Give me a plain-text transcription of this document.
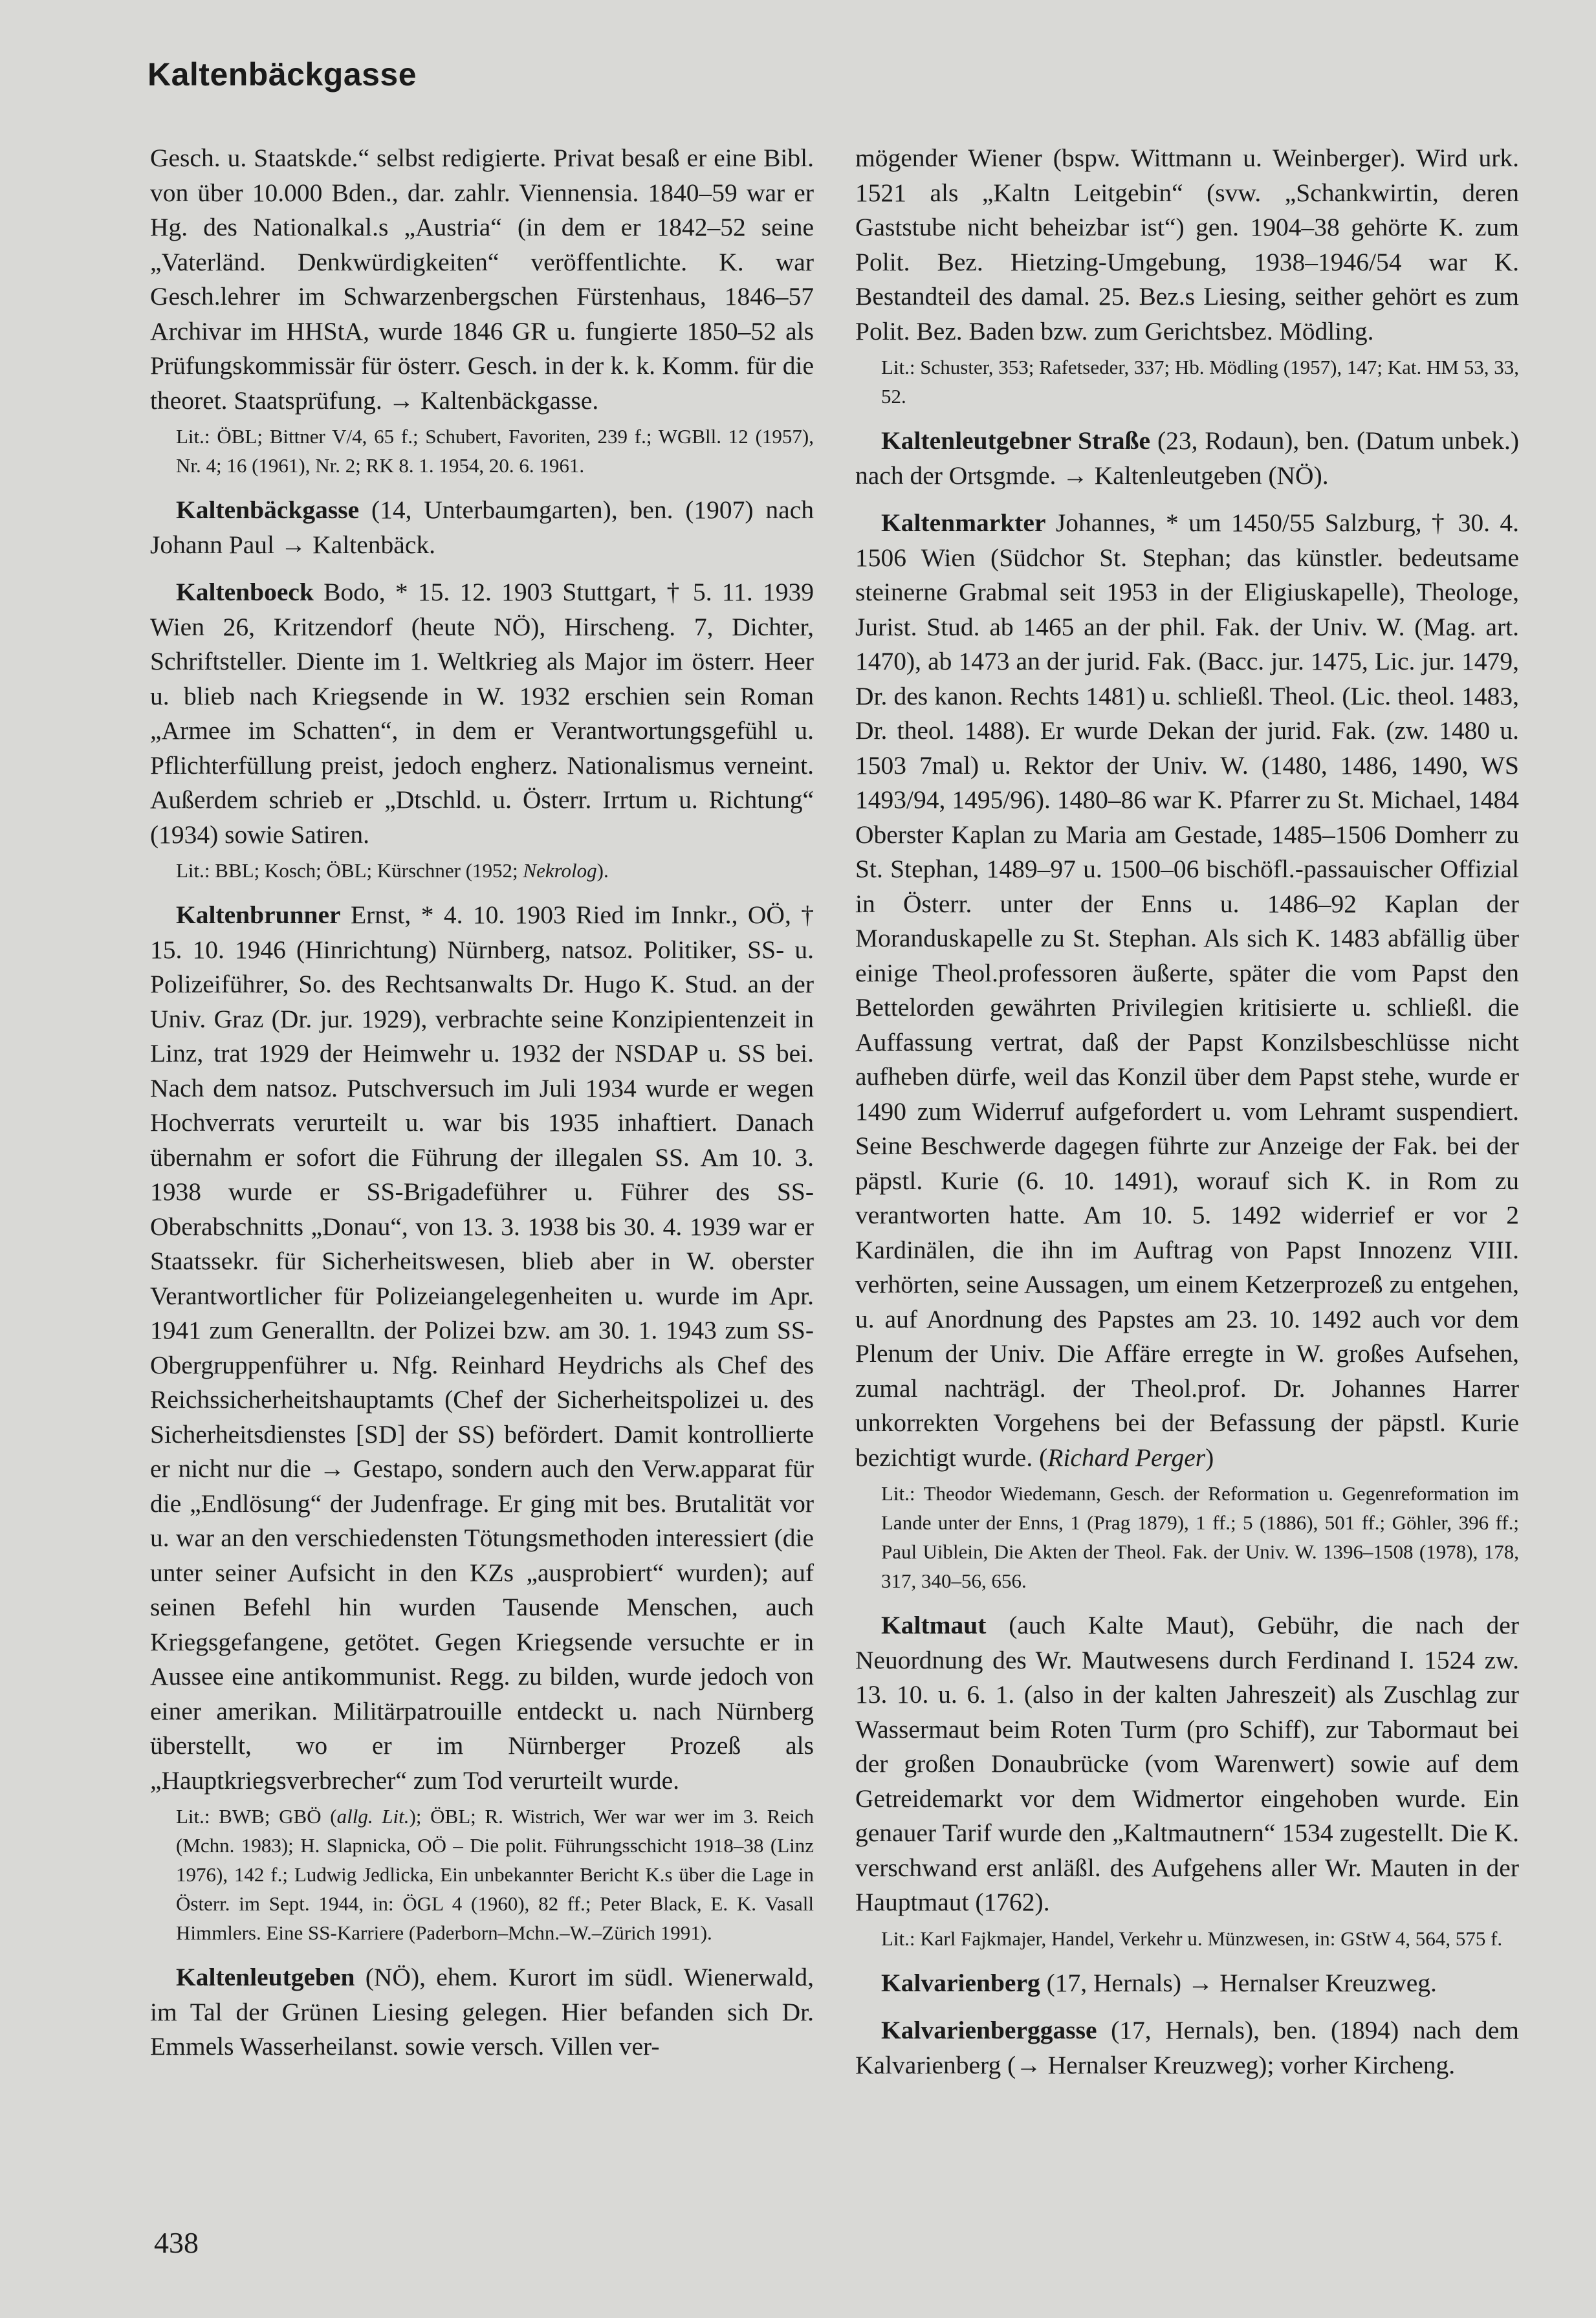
Kaltenbäckgasse

Gesch. u. Staatskde.“ selbst redigierte. Privat besaß er eine Bibl. von über 10.000 Bden., dar. zahlr. Viennensia. 1840–59 war er Hg. des Nationalkal.s „Austria“ (in dem er 1842–52 seine „Vaterländ. Denkwürdigkeiten“ veröffentlichte. K. war Gesch.lehrer im Schwarzenbergschen Fürstenhaus, 1846–57 Archivar im HHStA, wurde 1846 GR u. fungierte 1850–52 als Prüfungskommissär für österr. Gesch. in der k. k. Komm. für die theoret. Staatsprüfung. → Kaltenbäckgasse.

Lit.: ÖBL; Bittner V/4, 65 f.; Schubert, Favoriten, 239 f.; WGBll. 12 (1957), Nr. 4; 16 (1961), Nr. 2; RK 8. 1. 1954, 20. 6. 1961.

Kaltenbäckgasse (14, Unterbaumgarten), ben. (1907) nach Johann Paul → Kaltenbäck.

Kaltenboeck Bodo, * 15. 12. 1903 Stuttgart, † 5. 11. 1939 Wien 26, Kritzendorf (heute NÖ), Hirscheng. 7, Dichter, Schriftsteller. Diente im 1. Weltkrieg als Major im österr. Heer u. blieb nach Kriegsende in W. 1932 erschien sein Roman „Armee im Schatten“, in dem er Verantwortungsgefühl u. Pflichterfüllung preist, jedoch engherz. Nationalismus verneint. Außerdem schrieb er „Dtschld. u. Österr. Irrtum u. Richtung“ (1934) sowie Satiren.

Lit.: BBL; Kosch; ÖBL; Kürschner (1952; Nekrolog).

Kaltenbrunner Ernst, * 4. 10. 1903 Ried im Innkr., OÖ, † 15. 10. 1946 (Hinrichtung) Nürnberg, natsoz. Politiker, SS- u. Polizeiführer, So. des Rechtsanwalts Dr. Hugo K. Stud. an der Univ. Graz (Dr. jur. 1929), verbrachte seine Konzipientenzeit in Linz, trat 1929 der Heimwehr u. 1932 der NSDAP u. SS bei. Nach dem natsoz. Putschversuch im Juli 1934 wurde er wegen Hochverrats verurteilt u. war bis 1935 inhaftiert. Danach übernahm er sofort die Führung der illegalen SS. Am 10. 3. 1938 wurde er SS-Brigadeführer u. Führer des SS-Oberabschnitts „Donau“, von 13. 3. 1938 bis 30. 4. 1939 war er Staatssekr. für Sicherheitswesen, blieb aber in W. oberster Verantwortlicher für Polizeiangelegenheiten u. wurde im Apr. 1941 zum Generalltn. der Polizei bzw. am 30. 1. 1943 zum SS-Obergruppenführer u. Nfg. Reinhard Heydrichs als Chef des Reichssicherheitshauptamts (Chef der Sicherheitspolizei u. des Sicherheitsdienstes [SD] der SS) befördert. Damit kontrollierte er nicht nur die → Gestapo, sondern auch den Verw.apparat für die „Endlösung“ der Judenfrage. Er ging mit bes. Brutalität vor u. war an den verschiedensten Tötungsmethoden interessiert (die unter seiner Aufsicht in den KZs „ausprobiert“ wurden); auf seinen Befehl hin wurden Tausende Menschen, auch Kriegsgefangene, getötet. Gegen Kriegsende versuchte er in Aussee eine antikommunist. Regg. zu bilden, wurde jedoch von einer amerikan. Militärpatrouille entdeckt u. nach Nürnberg überstellt, wo er im Nürnberger Prozeß als „Hauptkriegsverbrecher“ zum Tod verurteilt wurde.

Lit.: BWB; GBÖ (allg. Lit.); ÖBL; R. Wistrich, Wer war wer im 3. Reich (Mchn. 1983); H. Slapnicka, OÖ – Die polit. Führungsschicht 1918–38 (Linz 1976), 142 f.; Ludwig Jedlicka, Ein unbekannter Bericht K.s über die Lage in Österr. im Sept. 1944, in: ÖGL 4 (1960), 82 ff.; Peter Black, E. K. Vasall Himmlers. Eine SS-Karriere (Paderborn–Mchn.–W.–Zürich 1991).

Kaltenleutgeben (NÖ), ehem. Kurort im südl. Wienerwald, im Tal der Grünen Liesing gelegen. Hier befanden sich Dr. Emmels Wasserheilanst. sowie versch. Villen ver-

mögender Wiener (bspw. Wittmann u. Weinberger). Wird urk. 1521 als „Kaltn Leitgebin“ (svw. „Schankwirtin, deren Gaststube nicht beheizbar ist“) gen. 1904–38 gehörte K. zum Polit. Bez. Hietzing-Umgebung, 1938–1946/54 war K. Bestandteil des damal. 25. Bez.s Liesing, seither gehört es zum Polit. Bez. Baden bzw. zum Gerichtsbez. Mödling.

Lit.: Schuster, 353; Rafetseder, 337; Hb. Mödling (1957), 147; Kat. HM 53, 33, 52.

Kaltenleutgebner Straße (23, Rodaun), ben. (Datum unbek.) nach der Ortsgmde. → Kaltenleutgeben (NÖ).

Kaltenmarkter Johannes, * um 1450/55 Salzburg, † 30. 4. 1506 Wien (Südchor St. Stephan; das künstler. bedeutsame steinerne Grabmal seit 1953 in der Eligiuskapelle), Theologe, Jurist. Stud. ab 1465 an der phil. Fak. der Univ. W. (Mag. art. 1470), ab 1473 an der jurid. Fak. (Bacc. jur. 1475, Lic. jur. 1479, Dr. des kanon. Rechts 1481) u. schließl. Theol. (Lic. theol. 1483, Dr. theol. 1488). Er wurde Dekan der jurid. Fak. (zw. 1480 u. 1503 7mal) u. Rektor der Univ. W. (1480, 1486, 1490, WS 1493/94, 1495/96). 1480–86 war K. Pfarrer zu St. Michael, 1484 Oberster Kaplan zu Maria am Gestade, 1485–1506 Domherr zu St. Stephan, 1489–97 u. 1500–06 bischöfl.-passauischer Offizial in Österr. unter der Enns u. 1486–92 Kaplan der Moranduskapelle zu St. Stephan. Als sich K. 1483 abfällig über einige Theol.professoren äußerte, später die vom Papst den Bettelorden gewährten Privilegien kritisierte u. schließl. die Auffassung vertrat, daß der Papst Konzilsbeschlüsse nicht aufheben dürfe, weil das Konzil über dem Papst stehe, wurde er 1490 zum Widerruf aufgefordert u. vom Lehramt suspendiert. Seine Beschwerde dagegen führte zur Anzeige der Fak. bei der päpstl. Kurie (6. 10. 1491), worauf sich K. in Rom zu verantworten hatte. Am 10. 5. 1492 widerrief er vor 2 Kardinälen, die ihn im Auftrag von Papst Innozenz VIII. verhörten, seine Aussagen, um einem Ketzerprozeß zu entgehen, u. auf Anordnung des Papstes am 23. 10. 1492 auch vor dem Plenum der Univ. Die Affäre erregte in W. großes Aufsehen, zumal nachträgl. der Theol.prof. Dr. Johannes Harrer unkorrekten Vorgehens bei der Befassung der päpstl. Kurie bezichtigt wurde. (Richard Perger)

Lit.: Theodor Wiedemann, Gesch. der Reformation u. Gegenreformation im Lande unter der Enns, 1 (Prag 1879), 1 ff.; 5 (1886), 501 ff.; Göhler, 396 ff.; Paul Uiblein, Die Akten der Theol. Fak. der Univ. W. 1396–1508 (1978), 178, 317, 340–56, 656.

Kaltmaut (auch Kalte Maut), Gebühr, die nach der Neuordnung des Wr. Mautwesens durch Ferdinand I. 1524 zw. 13. 10. u. 6. 1. (also in der kalten Jahreszeit) als Zuschlag zur Wassermaut beim Roten Turm (pro Schiff), zur Tabormaut bei der großen Donaubrücke (vom Warenwert) sowie auf dem Getreidemarkt vor dem Widmertor eingehoben wurde. Ein genauer Tarif wurde den „Kaltmautnern“ 1534 zugestellt. Die K. verschwand erst anläßl. des Aufgehens aller Wr. Mauten in der Hauptmaut (1762).

Lit.: Karl Fajkmajer, Handel, Verkehr u. Münzwesen, in: GStW 4, 564, 575 f.

Kalvarienberg (17, Hernals) → Hernalser Kreuzweg.

Kalvarienberggasse (17, Hernals), ben. (1894) nach dem Kalvarienberg (→ Hernalser Kreuzweg); vorher Kircheng.

438
